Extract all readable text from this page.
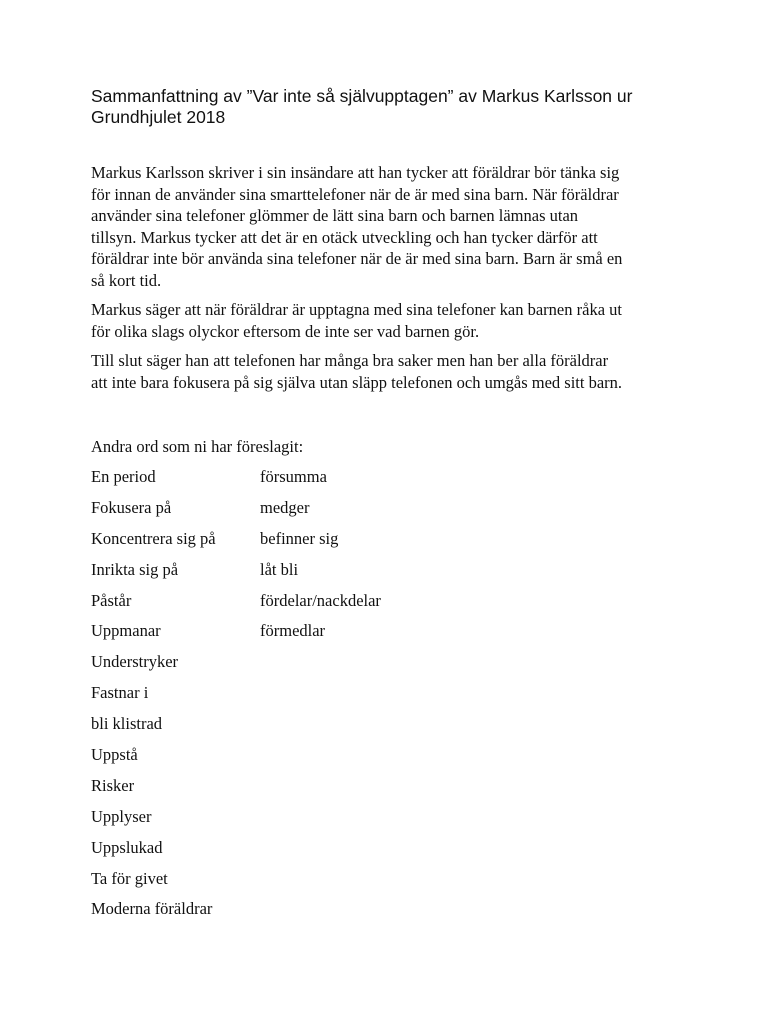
Sammanfattning av ”Var inte så självupptagen” av Markus Karlsson ur
Grundhjulet 2018

Markus Karlsson skriver i sin insändare att han tycker att föräldrar bör tänka sig
för innan de använder sina smarttelefoner när de är med sina barn. När föräldrar
använder sina telefoner glömmer de lätt sina barn och barnen lämnas utan
tillsyn. Markus tycker att det är en otäck utveckling och han tycker därför att
föräldrar inte bör använda sina telefoner när de är med sina barn. Barn är små en
så kort tid.

Markus säger att när föräldrar är upptagna med sina telefoner kan barnen råka ut
för olika slags olyckor eftersom de inte ser vad barnen gör.

Till slut säger han att telefonen har många bra saker men han ber alla föräldrar
att inte bara fokusera på sig själva utan släpp telefonen och umgås med sitt barn.

Andra ord som ni har föreslagit:
En period	försumma
Fokusera på	medger
Koncentrera sig på	befinner sig
Inrikta sig på	låt bli
Påstår	fördelar/nackdelar
Uppmanar	förmedlar
Understryker
Fastnar i
bli klistrad
Uppstå
Risker
Upplyser
Uppslukad
Ta för givet
Moderna föräldrar
